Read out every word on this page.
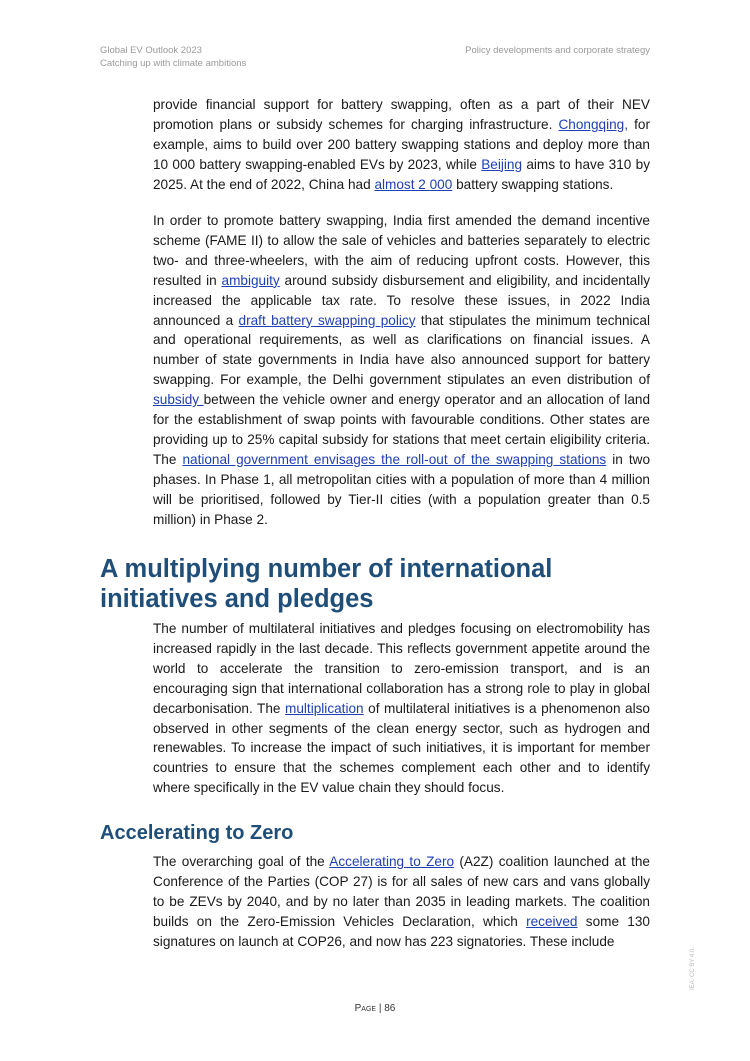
Global EV Outlook 2023
Catching up with climate ambitions
Policy developments and corporate strategy

provide financial support for battery swapping, often as a part of their NEV promotion plans or subsidy schemes for charging infrastructure. Chongqing, for example, aims to build over 200 battery swapping stations and deploy more than 10 000 battery swapping-enabled EVs by 2023, while Beijing aims to have 310 by 2025. At the end of 2022, China had almost 2 000 battery swapping stations.

In order to promote battery swapping, India first amended the demand incentive scheme (FAME II) to allow the sale of vehicles and batteries separately to electric two- and three-wheelers, with the aim of reducing upfront costs. However, this resulted in ambiguity around subsidy disbursement and eligibility, and incidentally increased the applicable tax rate. To resolve these issues, in 2022 India announced a draft battery swapping policy that stipulates the minimum technical and operational requirements, as well as clarifications on financial issues. A number of state governments in India have also announced support for battery swapping. For example, the Delhi government stipulates an even distribution of subsidy between the vehicle owner and energy operator and an allocation of land for the establishment of swap points with favourable conditions. Other states are providing up to 25% capital subsidy for stations that meet certain eligibility criteria. The national government envisages the roll-out of the swapping stations in two phases. In Phase 1, all metropolitan cities with a population of more than 4 million will be prioritised, followed by Tier-II cities (with a population greater than 0.5 million) in Phase 2.

A multiplying number of international initiatives and pledges

The number of multilateral initiatives and pledges focusing on electromobility has increased rapidly in the last decade. This reflects government appetite around the world to accelerate the transition to zero-emission transport, and is an encouraging sign that international collaboration has a strong role to play in global decarbonisation. The multiplication of multilateral initiatives is a phenomenon also observed in other segments of the clean energy sector, such as hydrogen and renewables. To increase the impact of such initiatives, it is important for member countries to ensure that the schemes complement each other and to identify where specifically in the EV value chain they should focus.

Accelerating to Zero

The overarching goal of the Accelerating to Zero (A2Z) coalition launched at the Conference of the Parties (COP 27) is for all sales of new cars and vans globally to be ZEVs by 2040, and by no later than 2035 in leading markets. The coalition builds on the Zero-Emission Vehicles Declaration, which received some 130 signatures on launch at COP26, and now has 223 signatories. These include

Page | 86
IEA. CC BY 4.0.
